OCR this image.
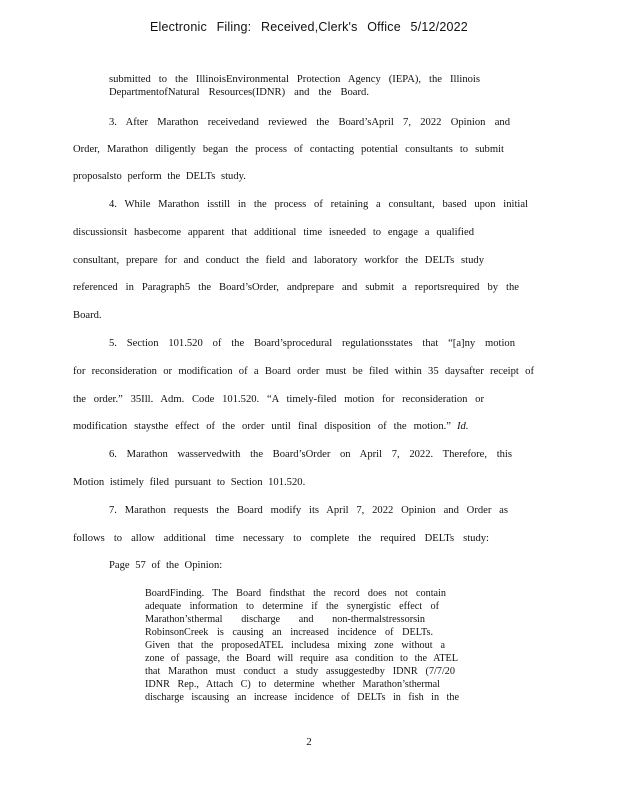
Electronic Filing: Received,Clerk's Office 5/12/2022
submitted to the IllinoisEnvironmental Protection Agency (IEPA), the Illinois
DepartmentofNatural Resources(IDNR) and the Board.
3. After Marathon receivedand reviewed the Board’sApril 7, 2022 Opinion and
Order, Marathon diligently began the process of contacting potential consultants to submit
proposalsto perform the DELTs study.
4. While Marathon isstill in the process of retaining a consultant, based upon initial
discussionsit hasbecome apparent that additional time isneeded to engage a qualified
consultant, prepare for and conduct the field and laboratory workfor the DELTs study
referenced in Paragraph5 the Board’sOrder, andprepare and submit a reportsrequired by the
Board.
5. Section 101.520 of the Board’sprocedural regulationsstates that “[a]ny motion
for reconsideration or modification of a Board order must be filed within 35 daysafter receipt of
the order.” 35Ill. Adm. Code 101.520. “A timely-filed motion for reconsideration or
modification staysthe effect of the order until final disposition of the motion.” Id.
6. Marathon wasservedwith the Board’sOrder on April 7, 2022. Therefore, this
Motion istimely filed pursuant to Section 101.520.
7. Marathon requests the Board modify its April 7, 2022 Opinion and Order as
follows to allow additional time necessary to complete the required DELTs study:
Page 57 of the Opinion:
BoardFinding. The Board findsthat the record does not contain
adequate information to determine if the synergistic effect of
Marathon’sthermal discharge and non-thermalstressorsin
RobinsonCreek is causing an increased incidence of DELTs.
Given that the proposedATEL includesa mixing zone without a
zone of passage, the Board will require asa condition to the ATEL
that Marathon must conduct a study assuggestedby IDNR (7/7/20
IDNR Rep., Attach C) to determine whether Marathon’sthermal
discharge iscausing an increase incidence of DELTs in fish in the
2
